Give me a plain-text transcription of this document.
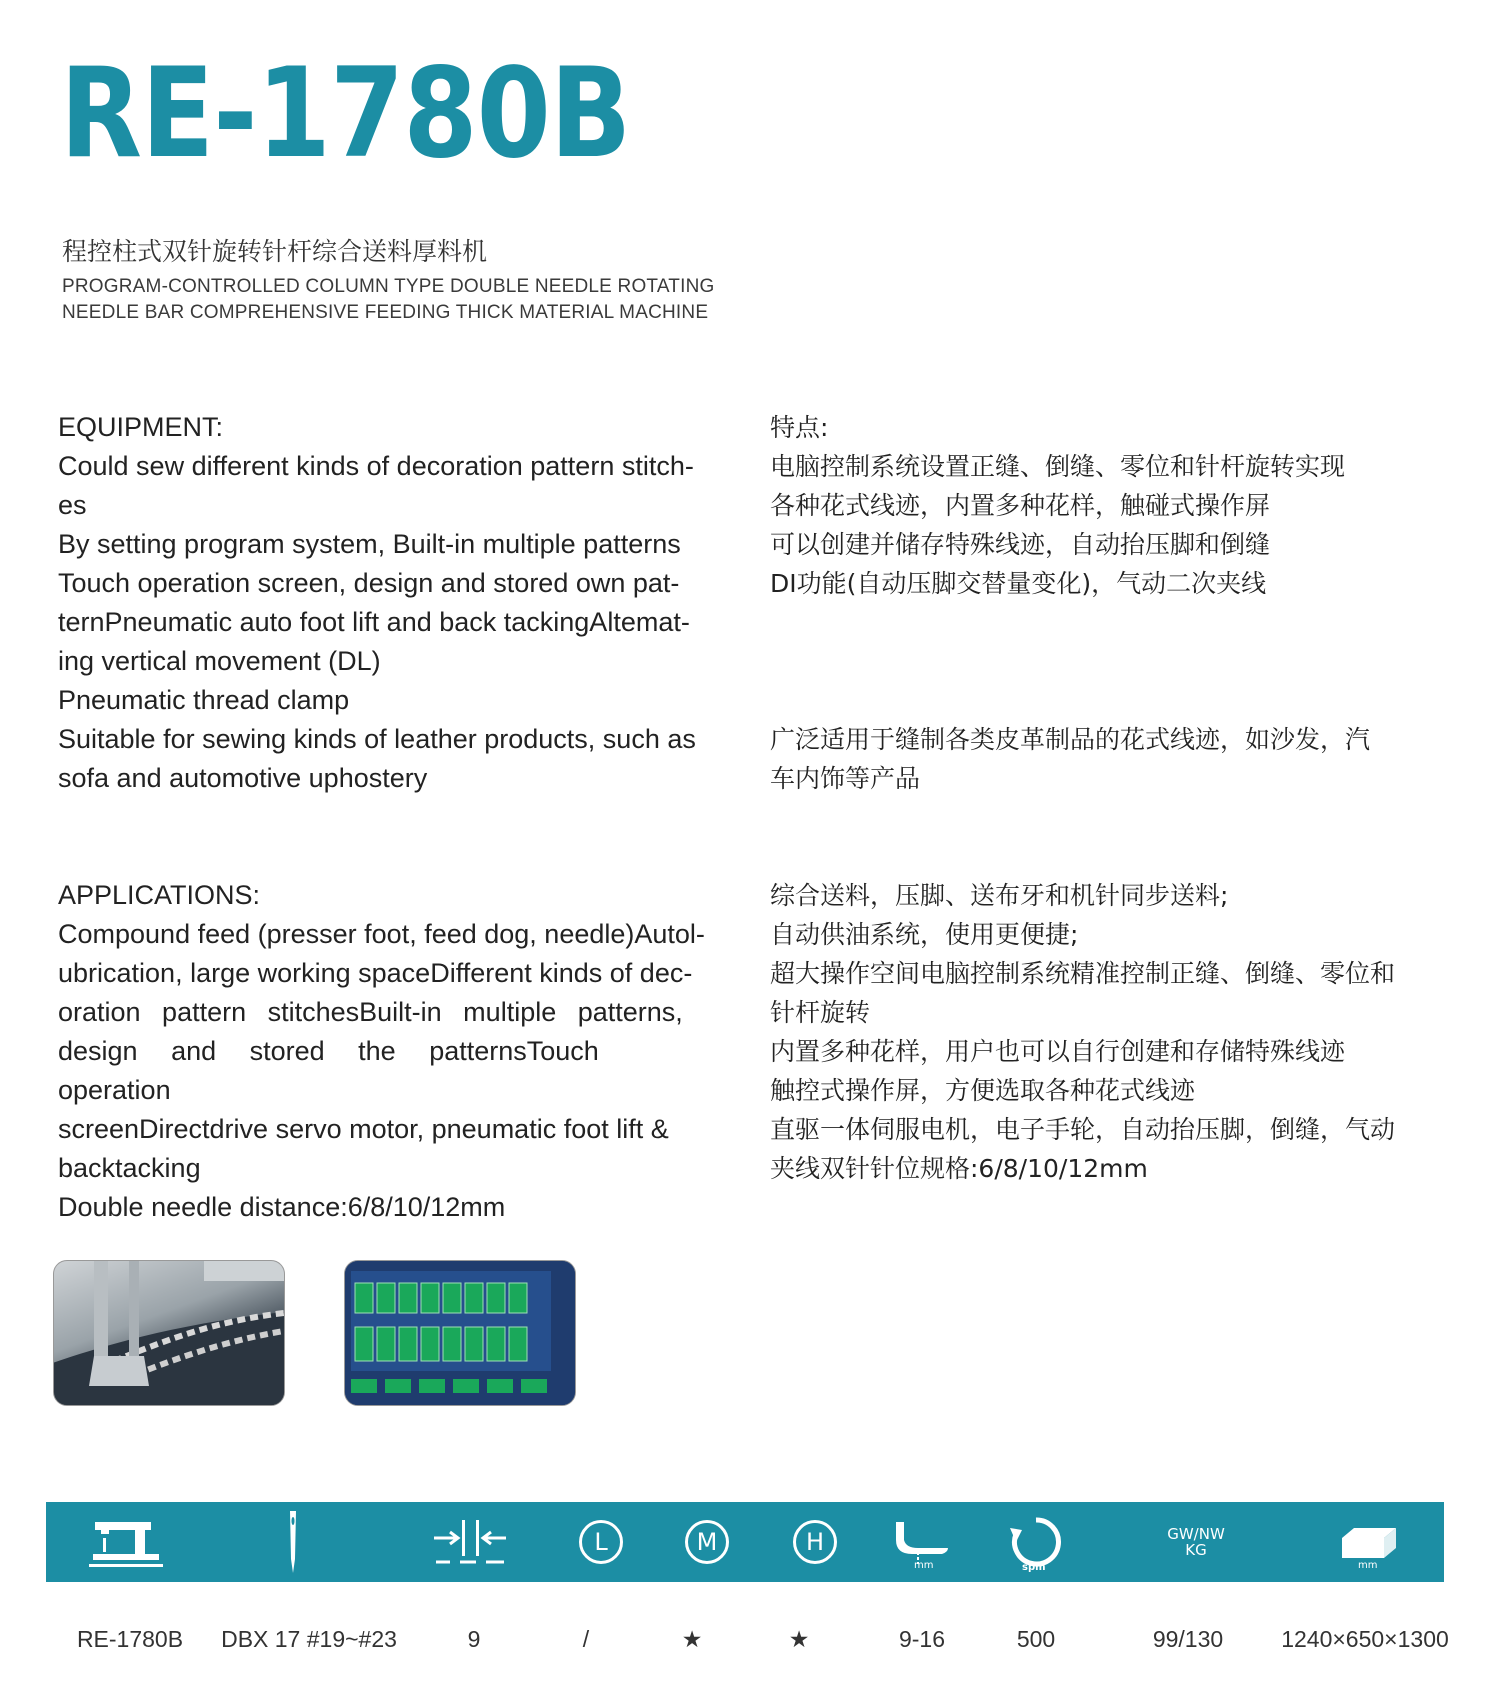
RE-1780B
程控柱式双针旋转针杆综合送料厚料机
PROGRAM-CONTROLLED COLUMN TYPE DOUBLE NEEDLE ROTATING
NEEDLE BAR COMPREHENSIVE FEEDING THICK MATERIAL MACHINE

EQUIPMENT:

Could sew different kinds of decoration pattern stitch-

es

By setting program system, Built-in multiple patterns

Touch operation screen, design and stored own pat-

ternPneumatic auto foot lift and back tackingAltemat-

ing vertical movement (DL)

Pneumatic thread clamp

Suitable for sewing kinds of leather products, such as

sofa and automotive uphostery

特点:

电脑控制系统设置正缝、倒缝、零位和针杆旋转实现

各种花式线迹，内置多种花样，触碰式操作屏

可以创建并储存特殊线迹，自动抬压脚和倒缝

DI功能(自动压脚交替量变化)，气动二次夹线

广泛适用于缝制各类皮革制品的花式线迹，如沙发，汽

车内饰等产品

APPLICATIONS:

Compound feed (presser foot, feed dog, needle)Autol-

ubrication, large working spaceDifferent kinds of dec-

oration pattern stitchesBuilt-in multiple patterns,

design and stored the patternsTouch operation

screenDirectdrive servo motor, pneumatic foot lift &

backtacking

Double needle distance:6/8/10/12mm

综合送料，压脚、送布牙和机针同步送料;

自动供油系统，使用更便捷;

超大操作空间电脑控制系统精准控制正缝、倒缝、零位和

针杆旋转

内置多种花样，用户也可以自行创建和存储特殊线迹

触控式操作屏，方便选取各种花式线迹

直驱一体伺服电机，电子手轮，自动抬压脚，倒缝，气动

夹线双针针位规格:6/8/10/12mm

L	M	H
mm	spm
GW/NW
KG
mm
RE-1780B DBX 17 #19~#23	9	/	★	★	9-16	500	99/130	1240×650×1300
